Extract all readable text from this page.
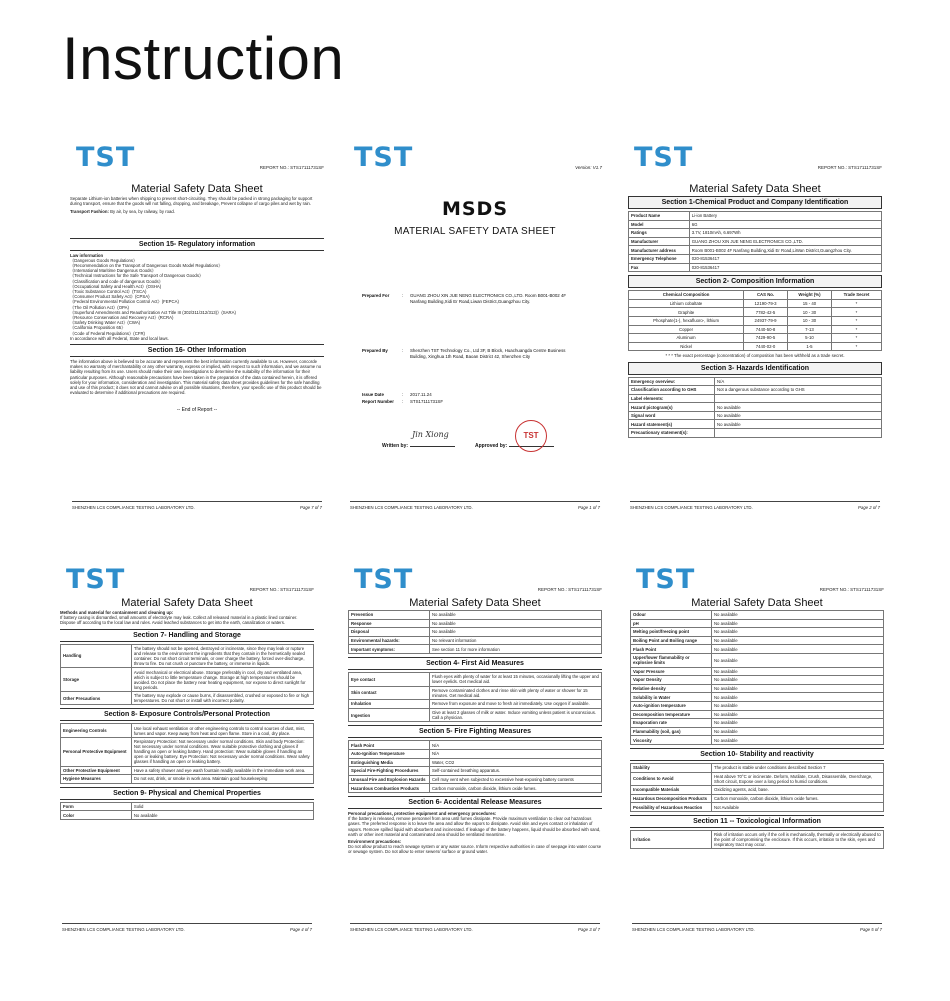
Instruction
TST	REPORT NO.: STS17111731SF
Material Safety Data Sheet
Separate Lithium-ion batteries when shipping to prevent short-circuiting. They should be packed in strong packaging for support during transport, ensure that the goods will not falling, dropping, and breakage, Prevent collapse of cargo piles and wet by rain.
Transport Fashion: By air, by sea, by railway, by road.
Section 15- Regulatory information
Law information
《Dangerous Goods Regulations》
《Recommendation on the Transport of Dangerous Goods Model Regulations》
《International Maritime Dangerous Goods》
《Technical Instructions for the Safe Transport of Dangerous Goods》
《Classification and code of dangerous Goods》
《Occupational Safety and Health Act》(OSHA)
《Toxic Substance Control Act》(TSCA)
《Consumer Product Safety Act》(CPSA)
《Federal Environmental Pollution Control Act》(FEPCA)
《The Oil Pollution Act》(OPA)
《Superfund Amendments and Reauthorization Act Title III (302/311/312/313)》(SARA)
《Resource Conservation and Recovery Act》(RCRA)
《Safety Drinking Water Act》(CWA)
《California Proposition 65》
《Code of Federal Regulations》(CFR)
In accordance with all Federal, State and local laws.
Section 16- Other Information
The information above is believed to be accurate and represents the best information currently available to us. However, concorde makes no warranty of merchantability or any other warranty, express or implied, with respect to such information, and we assume no liability resulting from its use. Users should make their own investigations to determine the suitability of the information for their particular purposes. Although reasonable precautions have been taken in the preparation of the data contained herein, it is offered solely for your information, consideration and investigation. This material safety data sheet provides guidelines for the safe handling and use of this product; it does not and cannot advise on all possible situations, therefore, your specific use of this product should be evaluated to determine if additional precautions are required.
-- End of Report --
SHENZHEN LCS COMPLIANCE TESTING LABORATORY LTD.	Page 7 of 7
TST	Version: V1.7
MSDS
MATERIAL SAFETY DATA SHEET
Prepared For	: GUANG ZHOU XIN JUE NENG ELECTRONICS CO.,LTD. Room B001-B002 4F Nanfang Building,Xidi Er Road,Liwan District,Guangzhou City.
Prepared By	: Shenzhen TST Technology Co., Ltd 3F, B Block, Huachuangda Centre Business Building, Xinghua 1th Road, Baoan District 42, Shenzhen City
Issue Date	: 2017.11.24
Report Number : STS17111731SF
Jin Xiong
Written by:	Approved by:
TST
SHENZHEN LCS COMPLIANCE TESTING LABORATORY LTD.	Page 1 of 7
TST	REPORT NO.: STS17111731SF
Material Safety Data Sheet
Section 1-Chemical Product and Company Identification
Product Name	Li-ion Battery
Model	6G
Ratings	3.7V, 1810mAh, 6.697Wh
Manufacturer	GUANG ZHOU XIN JUE NENG ELECTRONICS CO.,LTD.
Manufacturer address	Room B001-B002 4F Nanfang Building,Xidi Er Road,LiWan District,Guangzhou City.
Emergency Telephone	020-81536417
Fax	020-81536417
Section 2- Composition Information
Chemical Composition	CAS No.	Weight (%)	Trade Secret
Lithium cobaltate	12190-79-3	15 - 40	*
Graphite	7782-42-5	10 - 30	*
Phosphate(1-), hexafluoro-, lithium	24937-79-9	10 - 30	*
Copper	7440-50-8	7-13	*
Aluminum	7429-90-5	5-10	*
Nickel	7440-02-0	1-5	*
* * * The exact percentage (concentration) of composition has been withheld as a trade secret.
Section 3- Hazards Identification
Emergency overview:	N/A
Classification according to GHS	Not a dangerous substance according to GHS
Label elements:	
Hazard pictogram(s)	No available
Signal word	No available
Hazard statement(s)	No available
Precautionary statement(s):	
SHENZHEN LCS COMPLIANCE TESTING LABORATORY LTD.	Page 2 of 7
TST	REPORT NO.: STS17111731SF
Material Safety Data Sheet
Methods and material for containment and cleaning up:
If battery casing is dismantled, small amounts of electrolyte may leak. Collect all released material in a plastic lined container. Dispose off according to the local law and rules. Avoid leached substances to get into the earth, canalization or waters.
Section 7- Handling and Storage
Handling	The battery should not be opened, destroyed or incinerate, since they may leak or rupture and release to the environment the ingredients that they contain in the hermetically sealed container. Do not short circuit terminals, or over charge the battery, forced over-discharge, throw to fire. Do not crush or puncture the battery, or immerse in liquids.
Storage	Avoid mechanical or electrical abuse. Storage preferably in cool, dry and ventilated area, which is subject to little temperature change. Storage at high temperatures should be avoided. Do not place the battery near heating equipment, nor expose to direct sunlight for long periods.
Other Precautions	The battery may explode or cause burns, if disassembled, crushed or exposed to fire or high temperatures. Do not short or install with incorrect polarity.
Section 8- Exposure Controls/Personal Protection
Engineering Controls	Use local exhaust ventilation or other engineering controls to control sources of dust, mist, fumes and vapor. Keep away from heat and open flame. Store in a cool, dry place.
Personal Protective Equipment	Respiratory Protection: Not necessary under normal conditions. Skin and body Protection: Not necessary under normal conditions. Wear suitable protective clothing and gloves if handling an open or leaking battery. Hand protection: Wear suitable gloves if handling an open or leaking battery. Eye Protection: Not necessary under normal conditions. Wear safety glasses if handling an open or leaking battery.
Other Protective Equipment	Have a safety shower and eye wash fountain readily available in the immediate work area.
Hygiene Measures	Do not eat, drink, or smoke in work area. Maintain good housekeeping
Section 9- Physical and Chemical Properties
Form	Solid
Color	No available
SHENZHEN LCS COMPLIANCE TESTING LABORATORY LTD.	Page 4 of 7
TST	REPORT NO.: STS17111731SF
Material Safety Data Sheet
Prevention	No available
Response	No available
Disposal	No available
Environmental hazards:	No relevant information
Important symptoms:	See section 11 for more information
Section 4- First Aid Measures
Eye contact	Flush eyes with plenty of water for at least 15 minutes, occasionally lifting the upper and lower eyelids. Get medical aid.
Skin contact	Remove contaminated clothes and rinse skin with plenty of water or shower for 15 minutes. Get medical aid.
Inhalation	Remove from exposure and move to fresh air immediately. Use oxygen if available.
Ingestion	Give at least 2 glasses of milk or water. Induce vomiting unless patient is unconscious. Call a physician.
Section 5- Fire Fighting Measures
Flash Point	N/A
Auto-Ignition Temperature	N/A
Extinguishing Media	Water, CO2
Special Fire-Fighting Procedures	Self-contained breathing apparatus.
Unusual Fire and Explosion Hazards	Cell may vent when subjected to excessive heat-exposing battery contents
Hazardous Combustion Products	Carbon monoxide, carbon dioxide, lithium oxide fumes.
Section 6- Accidental Release Measures
Personal precautions, protective equipment and emergency procedures:
If the battery is released, remove personnel from area until fumes dissipate. Provide maximum ventilation to clear out hazardous gases. The preferred response is to leave the area and allow the vapors to dissipate. Avoid skin and eyes contact or inhalation of vapors. Remove spilled liquid with absorbent and incinerated. If leakage of the battery happens, liquid should be absorbed with sand, earth or other inert material and contaminated area should be ventilated meantime.
Environment precautions:
Do not allow product to reach sewage system or any water source. Inform respective authorities in case of seepage into water course or sewage system. Do not allow to enter sewers/ surface or ground water.
SHENZHEN LCS COMPLIANCE TESTING LABORATORY LTD.	Page 3 of 7
TST	REPORT NO.: STS17111731SF
Material Safety Data Sheet
Odour	No available
pH	No available
Melting point/freezing point	No available
Boiling Point and Boiling range	No available
Flash Point	No available
Upper/lower flammability or explosive limits	No available
Vapor Pressure	No available
Vapor Density	No available
Relative density	No available
Solubility in Water	No available
Auto-ignition temperature	No available
Decomposition temperature	No available
Evaporation rate	No available
Flammability (soil, gas)	No available
Viscosity	No available
Section 10- Stability and reactivity
Stability	The product is stable under conditions described Section 7
Conditions to Avoid	Heat above 70°C or incinerate. Deform, Mutilate, Crush, Disassemble, Overcharge, Short circuit, Expose over a long period to humid conditions.
Incompatible Materials	Oxidizing agents, acid, base.
Hazardous Decomposition Products	Carbon monoxide, carbon dioxide, lithium oxide fumes.
Possibility of Hazardous Reaction	Not Available
Section 11 -- Toxicological Information
Irritation	Risk of irritation occurs only if the cell is mechanically, thermally or electrically abused to the point of compromising the enclosure. If this occurs, irritation to the skin, eyes and respiratory tract may occur.
SHENZHEN LCS COMPLIANCE TESTING LABORATORY LTD.	Page 5 of 7
